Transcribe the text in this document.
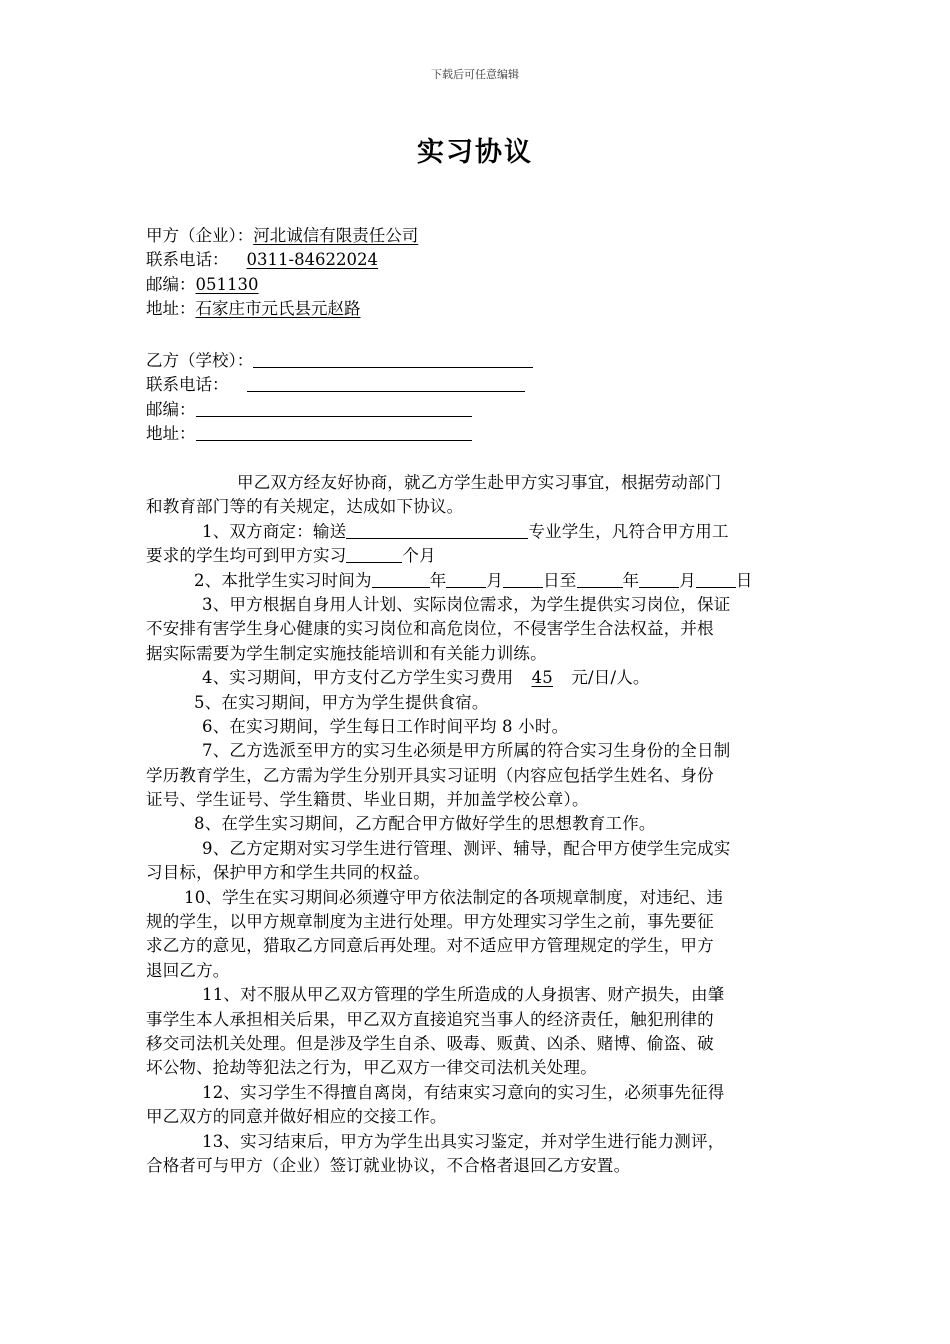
下载后可任意编辑
实习协议
甲方（企业）：河北诚信有限责任公司
联系电话： 0311-84622024
邮编：051130
地址：石家庄市元氏县元赵路
乙方（学校）：
联系电话：
邮编：
地址：
甲乙双方经友好协商，就乙方学生赴甲方实习事宜，根据劳动部门
和教育部门等的有关规定，达成如下协议。
1、双方商定：输送	专业学生，凡符合甲方用工
要求的学生均可到甲方实习	个月
2、本批学生实习时间为	年 月 日至	年 月 日
3、甲方根据自身用人计划、实际岗位需求，为学生提供实习岗位，保证
不安排有害学生身心健康的实习岗位和高危岗位，不侵害学生合法权益，并根
据实际需要为学生制定实施技能培训和有关能力训练。
4、实习期间，甲方支付乙方学生实习费用 45 元/日/人。
5、在实习期间，甲方为学生提供食宿。
6、在实习期间，学生每日工作时间平均 8 小时。
7、乙方选派至甲方的实习生必须是甲方所属的符合实习生身份的全日制
学历教育学生，乙方需为学生分别开具实习证明（内容应包括学生姓名、身份
证号、学生证号、学生籍贯、毕业日期，并加盖学校公章）。
8、在学生实习期间，乙方配合甲方做好学生的思想教育工作。
9、乙方定期对实习学生进行管理、测评、辅导，配合甲方使学生完成实
习目标，保护甲方和学生共同的权益。
10、学生在实习期间必须遵守甲方依法制定的各项规章制度，对违纪、违
规的学生，以甲方规章制度为主进行处理。甲方处理实习学生之前，事先要征
求乙方的意见，猎取乙方同意后再处理。对不适应甲方管理规定的学生，甲方
退回乙方。
11、对不服从甲乙双方管理的学生所造成的人身损害、财产损失，由肇
事学生本人承担相关后果，甲乙双方直接追究当事人的经济责任，触犯刑律的
移交司法机关处理。但是涉及学生自杀、吸毒、贩黄、凶杀、赌博、偷盗、破
坏公物、抢劫等犯法之行为，甲乙双方一律交司法机关处理。
12、实习学生不得擅自离岗，有结束实习意向的实习生，必须事先征得
甲乙双方的同意并做好相应的交接工作。
13、实习结束后，甲方为学生出具实习鉴定，并对学生进行能力测评，
合格者可与甲方（企业）签订就业协议，不合格者退回乙方安置。
